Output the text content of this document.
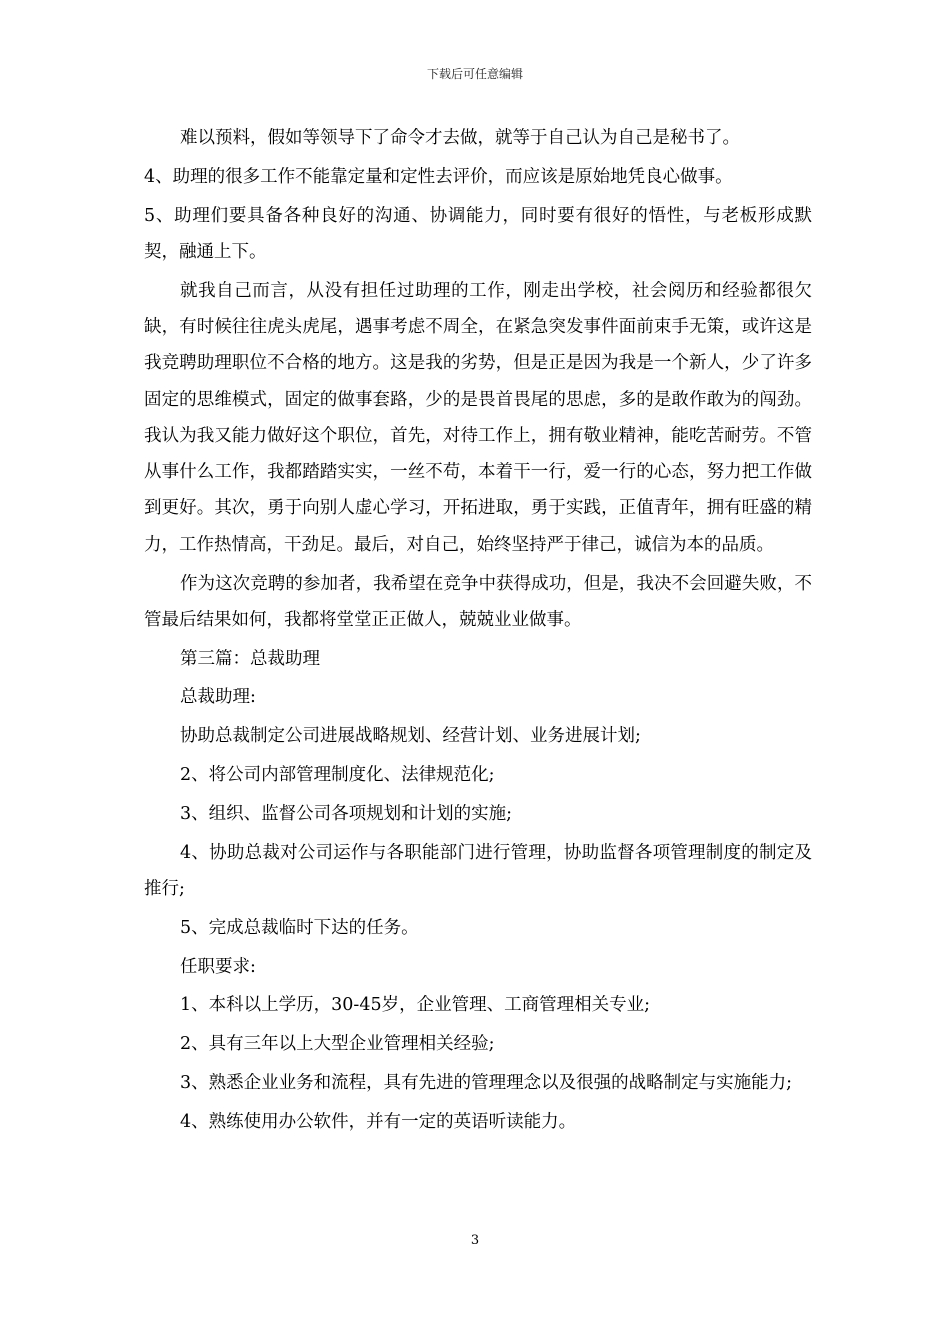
下载后可任意编辑

难以预料，假如等领导下了命令才去做，就等于自己认为自己是秘书了。

4、助理的很多工作不能靠定量和定性去评价，而应该是原始地凭良心做事。

5、助理们要具备各种良好的沟通、协调能力，同时要有很好的悟性，与老板形成默契，融通上下。

就我自己而言，从没有担任过助理的工作，刚走出学校，社会阅历和经验都很欠缺，有时候往往虎头虎尾，遇事考虑不周全，在紧急突发事件面前束手无策，或许这是我竞聘助理职位不合格的地方。这是我的劣势，但是正是因为我是一个新人，少了许多固定的思维模式，固定的做事套路，少的是畏首畏尾的思虑，多的是敢作敢为的闯劲。我认为我又能力做好这个职位，首先，对待工作上，拥有敬业精神，能吃苦耐劳。不管从事什么工作，我都踏踏实实，一丝不苟，本着干一行，爱一行的心态，努力把工作做到更好。其次，勇于向别人虚心学习，开拓进取，勇于实践，正值青年，拥有旺盛的精力，工作热情高，干劲足。最后，对自己，始终坚持严于律己，诚信为本的品质。

作为这次竞聘的参加者，我希望在竞争中获得成功，但是，我决不会回避失败，不管最后结果如何，我都将堂堂正正做人，兢兢业业做事。

第三篇：总裁助理

总裁助理:

协助总裁制定公司进展战略规划、经营计划、业务进展计划;

2、将公司内部管理制度化、法律规范化;

3、组织、监督公司各项规划和计划的实施;

4、协助总裁对公司运作与各职能部门进行管理，协助监督各项管理制度的制定及推行;

5、完成总裁临时下达的任务。

任职要求:

1、本科以上学历，30-45岁，企业管理、工商管理相关专业;

2、具有三年以上大型企业管理相关经验;

3、熟悉企业业务和流程，具有先进的管理理念以及很强的战略制定与实施能力;

4、熟练使用办公软件，并有一定的英语听读能力。

3
